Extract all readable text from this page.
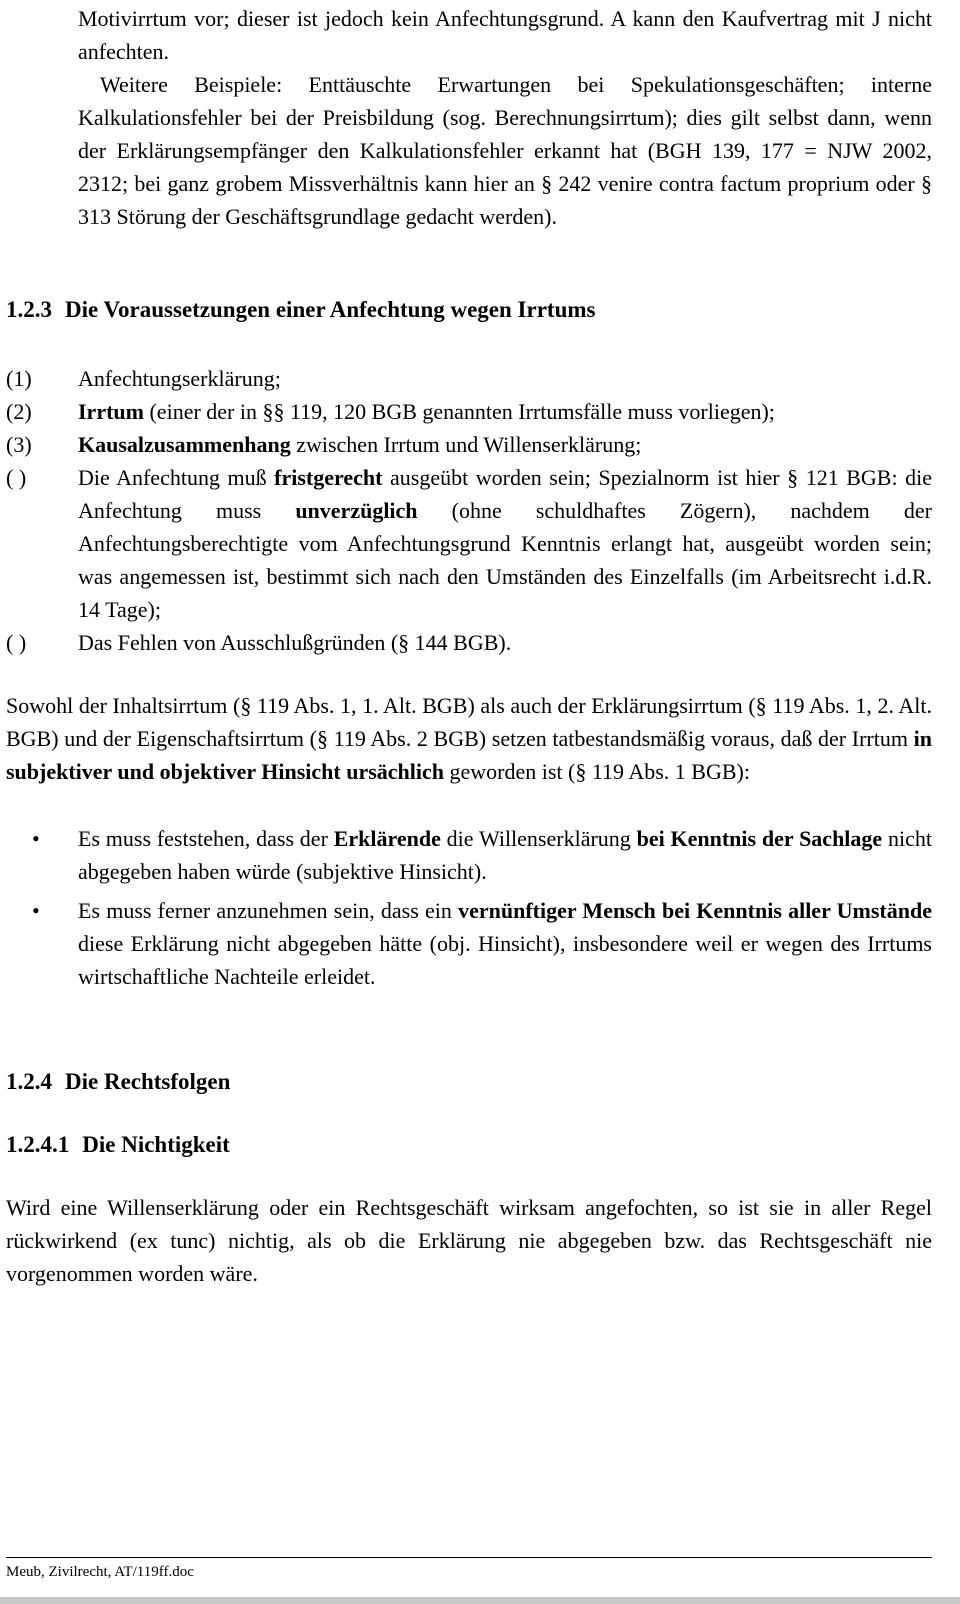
Motivirrtum vor; dieser ist jedoch kein Anfechtungsgrund. A kann den Kaufvertrag mit J nicht anfechten.

Weitere Beispiele: Enttäuschte Erwartungen bei Spekulationsgeschäften; interne Kalkulationsfehler bei der Preisbildung (sog. Berechnungsirrtum); dies gilt selbst dann, wenn der Erklärungsempfänger den Kalkulationsfehler erkannt hat (BGH 139, 177 = NJW 2002, 2312; bei ganz grobem Missverhältnis kann hier an § 242 venire contra factum proprium oder § 313 Störung der Geschäftsgrundlage gedacht werden).

1.2.3 Die Voraussetzungen einer Anfechtung wegen Irrtums
(1) Anfechtungserklärung;
(2) Irrtum (einer der in §§ 119, 120 BGB genannten Irrtumsfälle muss vorliegen);
(3) Kausalzusammenhang zwischen Irrtum und Willenserklärung;
( ) Die Anfechtung muß fristgerecht ausgeübt worden sein; Spezialnorm ist hier § 121 BGB: die Anfechtung muss unverzüglich (ohne schuldhaftes Zögern), nachdem der Anfechtungsberechtigte vom Anfechtungsgrund Kenntnis erlangt hat, ausgeübt worden sein; was angemessen ist, bestimmt sich nach den Umständen des Einzelfalls (im Arbeitsrecht i.d.R. 14 Tage);
( ) Das Fehlen von Ausschlußgründen (§ 144 BGB).

Sowohl der Inhaltsirrtum (§ 119 Abs. 1, 1. Alt. BGB) als auch der Erklärungsirrtum (§ 119 Abs. 1, 2. Alt. BGB) und der Eigenschaftsirrtum (§ 119 Abs. 2 BGB) setzen tatbestandsmäßig voraus, daß der Irrtum in subjektiver und objektiver Hinsicht ursächlich geworden ist (§ 119 Abs. 1 BGB):

• Es muss feststehen, dass der Erklärende die Willenserklärung bei Kenntnis der Sachlage nicht abgegeben haben würde (subjektive Hinsicht).
• Es muss ferner anzunehmen sein, dass ein vernünftiger Mensch bei Kenntnis aller Umstände diese Erklärung nicht abgegeben hätte (obj. Hinsicht), insbesondere weil er wegen des Irrtums wirtschaftliche Nachteile erleidet.
1.2.4 Die Rechtsfolgen
1.2.4.1 Die Nichtigkeit

Wird eine Willenserklärung oder ein Rechtsgeschäft wirksam angefochten, so ist sie in aller Regel rückwirkend (ex tunc) nichtig, als ob die Erklärung nie abgegeben bzw. das Rechtsgeschäft nie vorgenommen worden wäre.

Meub, Zivilrecht, AT/119ff.doc
